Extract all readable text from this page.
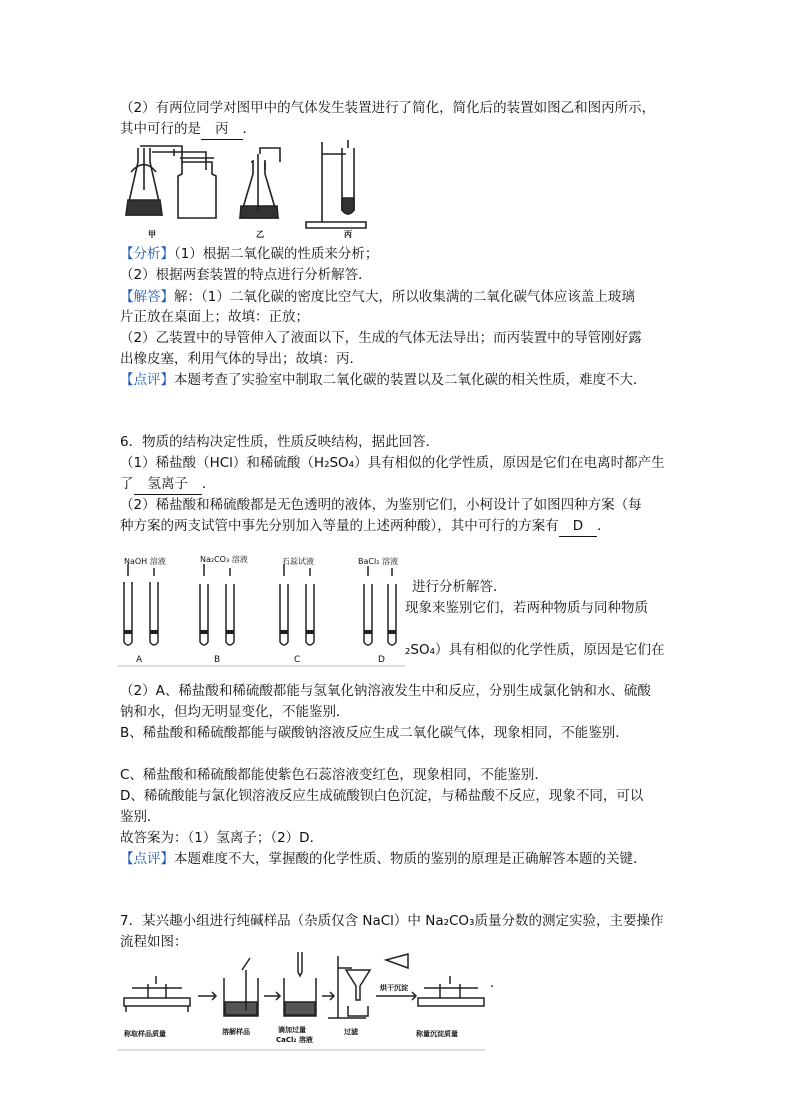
（2）有两位同学对图甲中的气体发生装置进行了简化，简化后的装置如图乙和图丙所示，
其中可行的是 丙 ．
甲	乙	丙
【分析】（1）根据二氧化碳的性质来分析；
（2）根据两套装置的特点进行分析解答．
【解答】解：（1）二氧化碳的密度比空气大，所以收集满的二氧化碳气体应该盖上玻璃
片正放在桌面上；故填：正放；
（2）乙装置中的导管伸入了液面以下，生成的气体无法导出；而丙装置中的导管刚好露
出橡皮塞，利用气体的导出；故填：丙．
【点评】本题考查了实验室中制取二氧化碳的装置以及二氧化碳的相关性质，难度不大．
6．物质的结构决定性质，性质反映结构，据此回答．
（1）稀盐酸（HCl）和稀硫酸（H₂SO₄）具有相似的化学性质，原因是它们在电离时都产生
了 氢离子 ．
（2）稀盐酸和稀硫酸都是无色透明的液体，为鉴别它们，小柯设计了如图四种方案（每
种方案的两支试管中事先分别加入等量的上述两种酸），其中可行的方案有 D ．
进行分析解答．
现象来鉴别它们，若两种物质与同种物质
₂SO₄）具有相似的化学性质，原因是它们在
NaOH 溶液	Na₂CO₃ 溶液	石蕊试液	BaCl₂ 溶液
A	B	C	D
（2）A、稀盐酸和稀硫酸都能与氢氧化钠溶液发生中和反应，分别生成氯化钠和水、硫酸
钠和水，但均无明显变化，不能鉴别．
B、稀盐酸和稀硫酸都能与碳酸钠溶液反应生成二氧化碳气体，现象相同，不能鉴别．
C、稀盐酸和稀硫酸都能使紫色石蕊溶液变红色，现象相同，不能鉴别．
D、稀硫酸能与氯化钡溶液反应生成硫酸钡白色沉淀，与稀盐酸不反应，现象不同，可以
鉴别．
故答案为：（1）氢离子；（2）D．
【点评】本题难度不大，掌握酸的化学性质、物质的鉴别的原理是正确解答本题的关键．
7．某兴趣小组进行纯碱样品（杂质仅含 NaCl）中 Na₂CO₃质量分数的测定实验，主要操作
流程如图：
．
称取样品质量	溶解样品	滴加过量
CaCl₂ 溶液
过滤
烘干沉淀
称量沉淀质量
